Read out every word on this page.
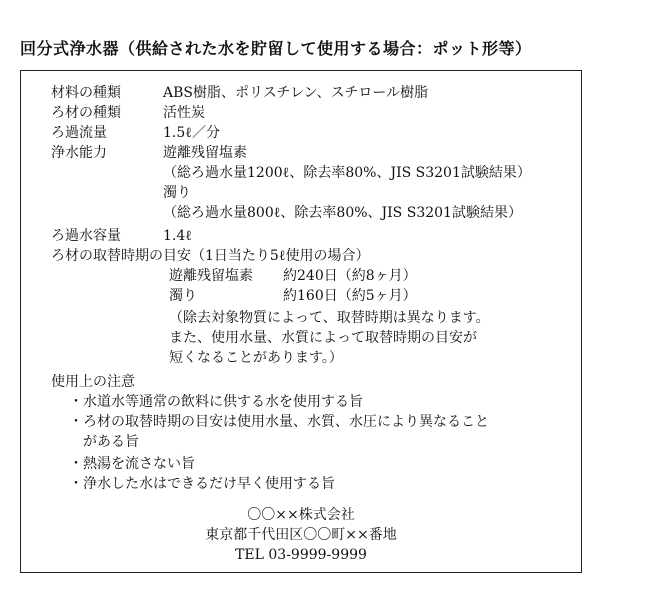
回分式浄水器（供給された水を貯留して使用する場合：ポット形等）
材料の種類	ABS樹脂、ポリスチレン、スチロール樹脂
ろ材の種類	活性炭
ろ過流量	1.5ℓ／分
浄水能力	遊離残留塩素
（総ろ過水量1200ℓ、除去率80%、JIS S3201試験結果）
濁り
（総ろ過水量800ℓ、除去率80%、JIS S3201試験結果）
ろ過水容量	1.4ℓ
ろ材の取替時期の目安（1日当たり5ℓ使用の場合）
遊離残留塩素 約240日（約8ヶ月）
濁り	約160日（約5ヶ月）
（除去対象物質によって、取替時期は異なります。
また、使用水量、水質によって取替時期の目安が
短くなることがあります。）
使用上の注意
・水道水等通常の飲料に供する水を使用する旨
・ろ材の取替時期の目安は使用水量、水質、水圧により異なること
がある旨
・熱湯を流さない旨
・浄水した水はできるだけ早く使用する旨
〇〇××株式会社
東京都千代田区〇〇町××番地
TEL 03-9999-9999
